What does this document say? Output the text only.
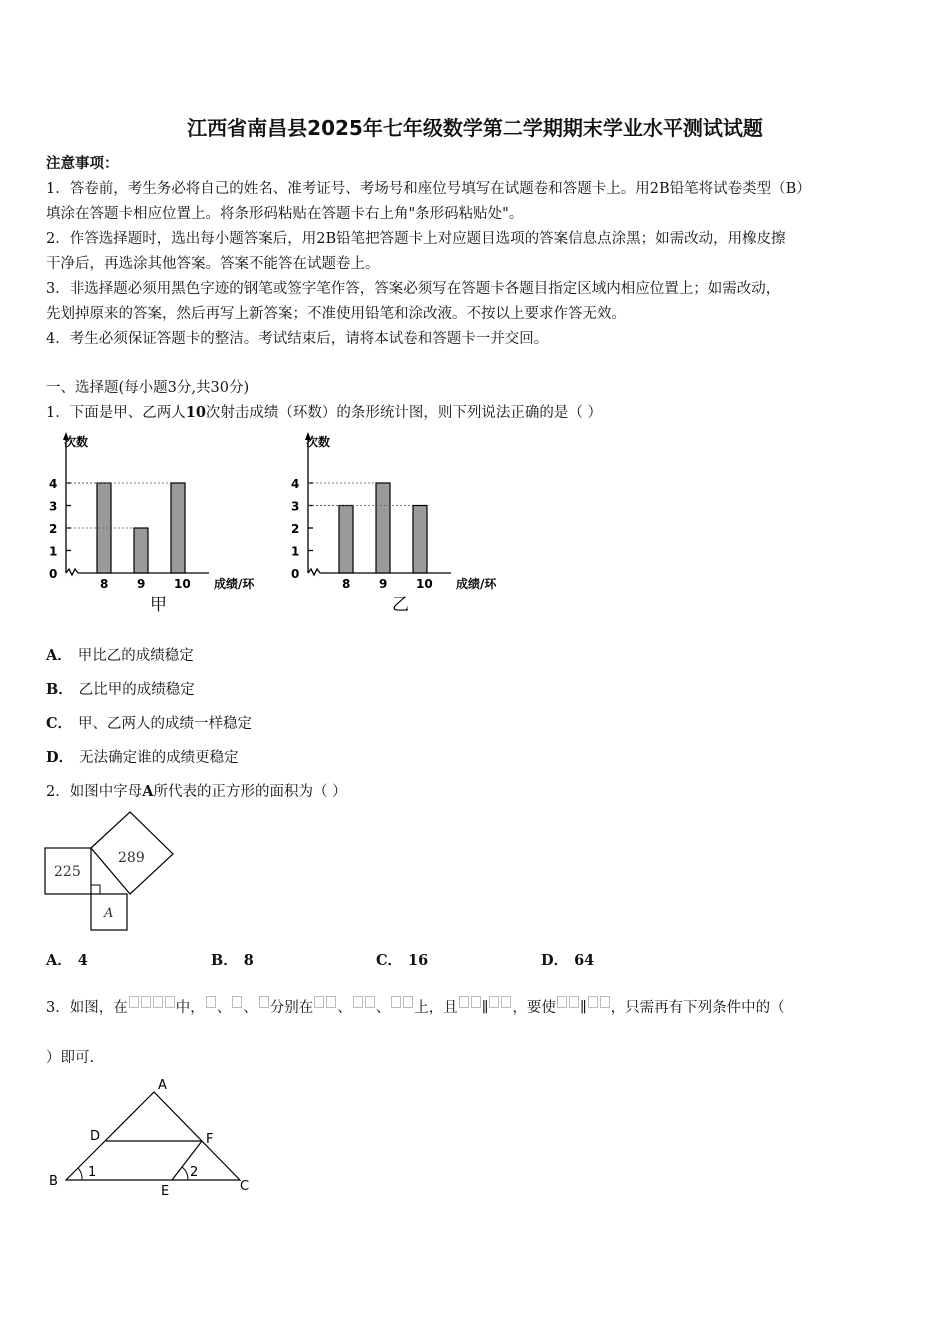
江西省南昌县2025年七年级数学第二学期期末学业水平测试试题
注意事项：
1．答卷前，考生务必将自己的姓名、准考证号、考场号和座位号填写在试题卷和答题卡上。用2B铅笔将试卷类型（B）
填涂在答题卡相应位置上。将条形码粘贴在答题卡右上角"条形码粘贴处"。
2．作答选择题时，选出每小题答案后，用2B铅笔把答题卡上对应题目选项的答案信息点涂黑；如需改动，用橡皮擦
干净后，再选涂其他答案。答案不能答在试题卷上。
3．非选择题必须用黑色字迹的钢笔或签字笔作答，答案必须写在答题卡各题目指定区域内相应位置上；如需改动，
先划掉原来的答案，然后再写上新答案；不准使用铅笔和涂改液。不按以上要求作答无效。
4．考生必须保证答题卡的整洁。考试结束后，请将本试卷和答题卡一并交回。
一、选择题(每小题3分,共30分)
1．下面是甲、乙两人10次射击成绩（环数）的条形统计图，则下列说法正确的是（ ）
次数
成绩/环
0
1
2
3
4
8 9 10
甲
次数
成绩/环
0
1
2
3
4
8 9 10
乙
A． 甲比乙的成绩稳定
B． 乙比甲的成绩稳定
C． 甲、乙两人的成绩一样稳定
D． 无法确定谁的成绩更稳定
2．如图中字母A所代表的正方形的面积为（ ）
225
289
A
A． 4	B． 8	C． 16	D． 64
3．如图，在	中， 、 、 分别在 、 、 上，且 ∥ ，要使 ∥ ，只需再有下列条件中的（
）即可.
A
B	C
D	F
E
1	2
